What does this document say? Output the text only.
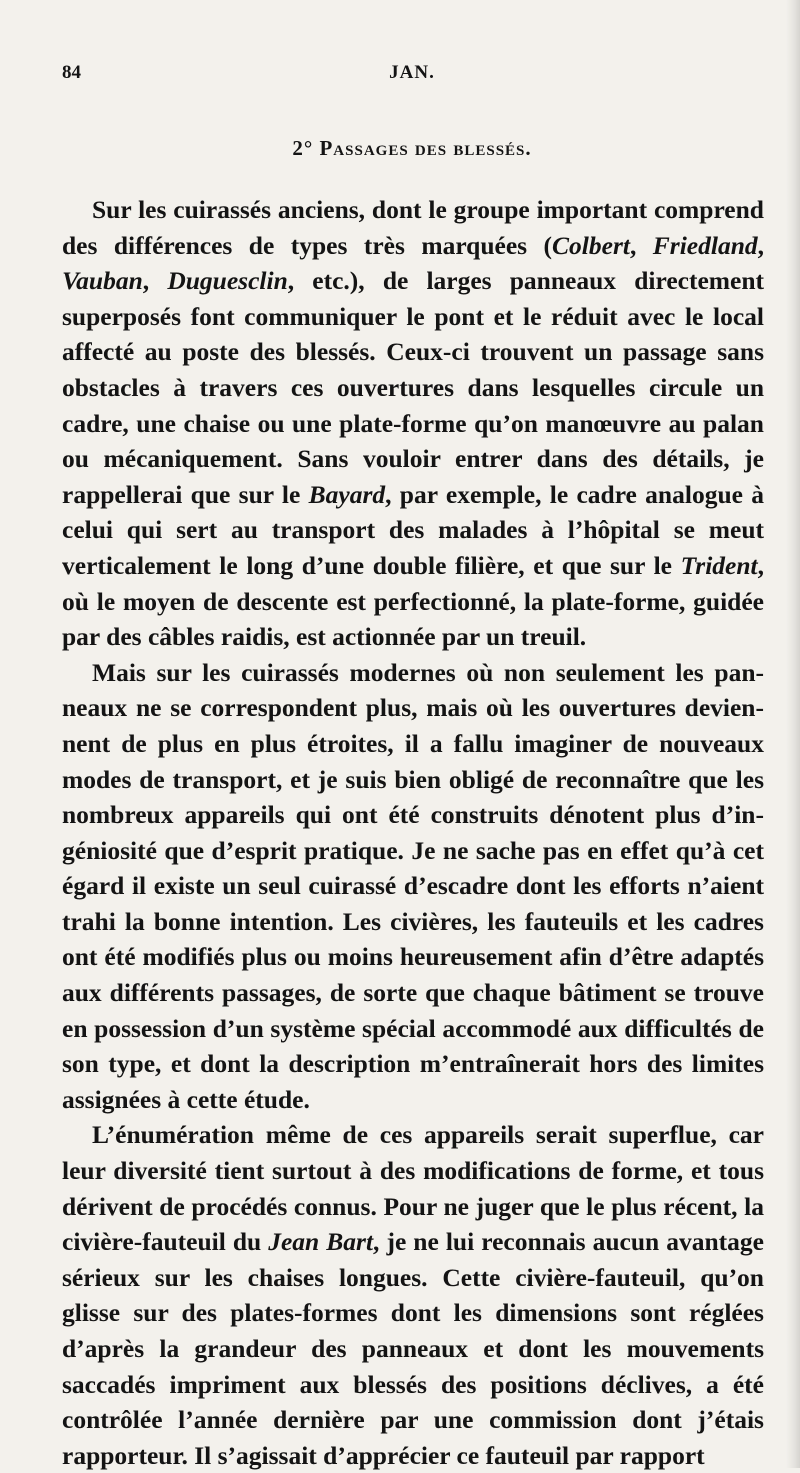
84	JAN.
2° Passages des blessés.

Sur les cuirassés anciens, dont le groupe important comprend des différences de types très marquées (Colbert, Friedland, Vauban, Duguesclin, etc.), de larges panneaux directement superposés font communiquer le pont et le réduit avec le local affecté au poste des blessés. Ceux-ci trouvent un passage sans obstacles à travers ces ouvertures dans lesquelles circule un cadre, une chaise ou une plate-forme qu’on manœuvre au palan ou mécaniquement. Sans vouloir entrer dans des détails, je rappellerai que sur le Bayard, par exemple, le cadre analogue à celui qui sert au transport des malades à l’hôpital se meut verticalement le long d’une double filière, et que sur le Trident, où le moyen de descente est perfectionné, la plate-forme, guidée par des câbles raidis, est actionnée par un treuil.

Mais sur les cuirassés modernes où non seulement les panneaux ne se correspondent plus, mais où les ouvertures deviennent de plus en plus étroites, il a fallu imaginer de nouveaux modes de transport, et je suis bien obligé de reconnaître que les nombreux appareils qui ont été construits dénotent plus d’ingéniosité que d’esprit pratique. Je ne sache pas en effet qu’à cet égard il existe un seul cuirassé d’escadre dont les efforts n’aient trahi la bonne intention. Les civières, les fauteuils et les cadres ont été modifiés plus ou moins heureusement afin d’être adaptés aux différents passages, de sorte que chaque bâtiment se trouve en possession d’un système spécial accommodé aux difficultés de son type, et dont la description m’entraînerait hors des limites assignées à cette étude.

L’énumération même de ces appareils serait superflue, car leur diversité tient surtout à des modifications de forme, et tous dérivent de procédés connus. Pour ne juger que le plus récent, la civière-fauteuil du Jean Bart, je ne lui reconnais aucun avantage sérieux sur les chaises longues. Cette civière-fauteuil, qu’on glisse sur des plates-formes dont les dimensions sont réglées d’après la grandeur des panneaux et dont les mouvements saccadés impriment aux blessés des positions déclives, a été contrôlée l’année dernière par une commission dont j’étais rapporteur. Il s’agissait d’apprécier ce fauteuil par rapport
